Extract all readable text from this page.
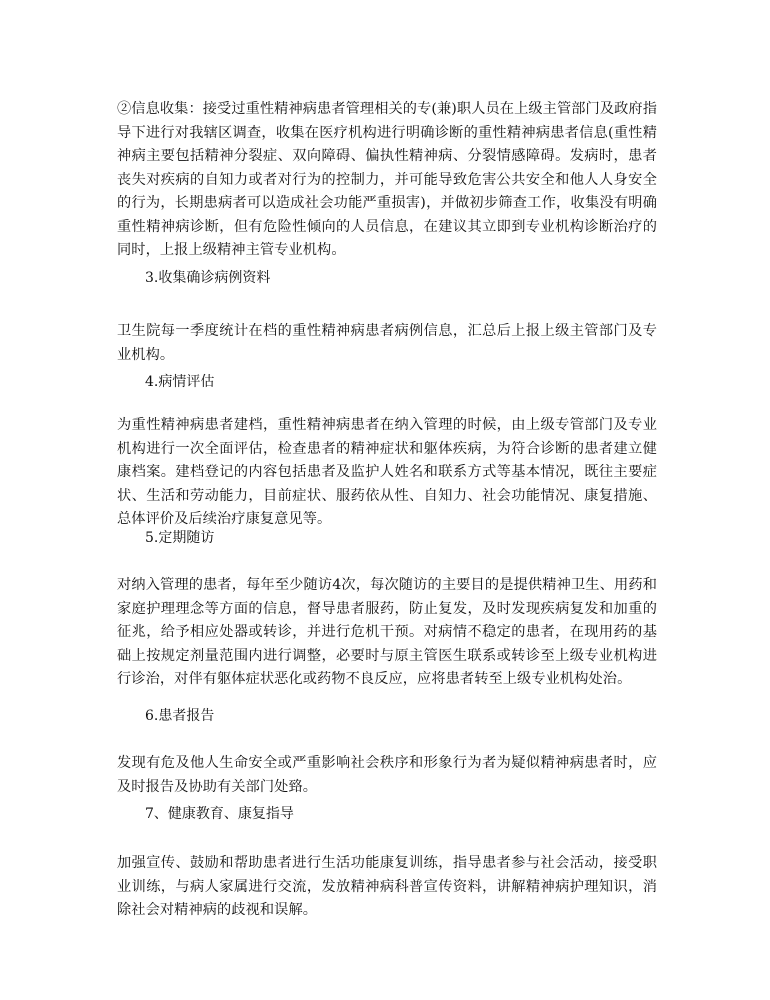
②信息收集：接受过重性精神病患者管理相关的专(兼)职人员在上级主管部门及政府指导下进行对我辖区调查，收集在医疗机构进行明确诊断的重性精神病患者信息(重性精神病主要包括精神分裂症、双向障碍、偏执性精神病、分裂情感障碍。发病时，患者丧失对疾病的自知力或者对行为的控制力，并可能导致危害公共安全和他人人身安全的行为，长期患病者可以造成社会功能严重损害)，并做初步筛查工作，收集没有明确重性精神病诊断，但有危险性倾向的人员信息，在建议其立即到专业机构诊断治疗的同时，上报上级精神主管专业机构。

3.收集确诊病例资料

卫生院每一季度统计在档的重性精神病患者病例信息，汇总后上报上级主管部门及专业机构。

4.病情评估

为重性精神病患者建档，重性精神病患者在纳入管理的时候，由上级专管部门及专业机构进行一次全面评估，检查患者的精神症状和躯体疾病，为符合诊断的患者建立健康档案。建档登记的内容包括患者及监护人姓名和联系方式等基本情况，既往主要症状、生活和劳动能力，目前症状、服药依从性、自知力、社会功能情况、康复措施、总体评价及后续治疗康复意见等。

5.定期随访

对纳入管理的患者，每年至少随访4次，每次随访的主要目的是提供精神卫生、用药和家庭护理理念等方面的信息，督导患者服药，防止复发，及时发现疾病复发和加重的征兆，给予相应处器或转诊，并进行危机干预。对病情不稳定的患者，在现用药的基础上按规定剂量范围内进行调整，必要时与原主管医生联系或转诊至上级专业机构进行诊治，对伴有躯体症状恶化或药物不良反应，应将患者转至上级专业机构处治。

6.患者报告

发现有危及他人生命安全或严重影响社会秩序和形象行为者为疑似精神病患者时，应及时报告及协助有关部门处臵。

7、健康教育、康复指导

加强宣传、鼓励和帮助患者进行生活功能康复训练，指导患者参与社会活动，接受职业训练，与病人家属进行交流，发放精神病科普宣传资料，讲解精神病护理知识，消除社会对精神病的歧视和误解。
